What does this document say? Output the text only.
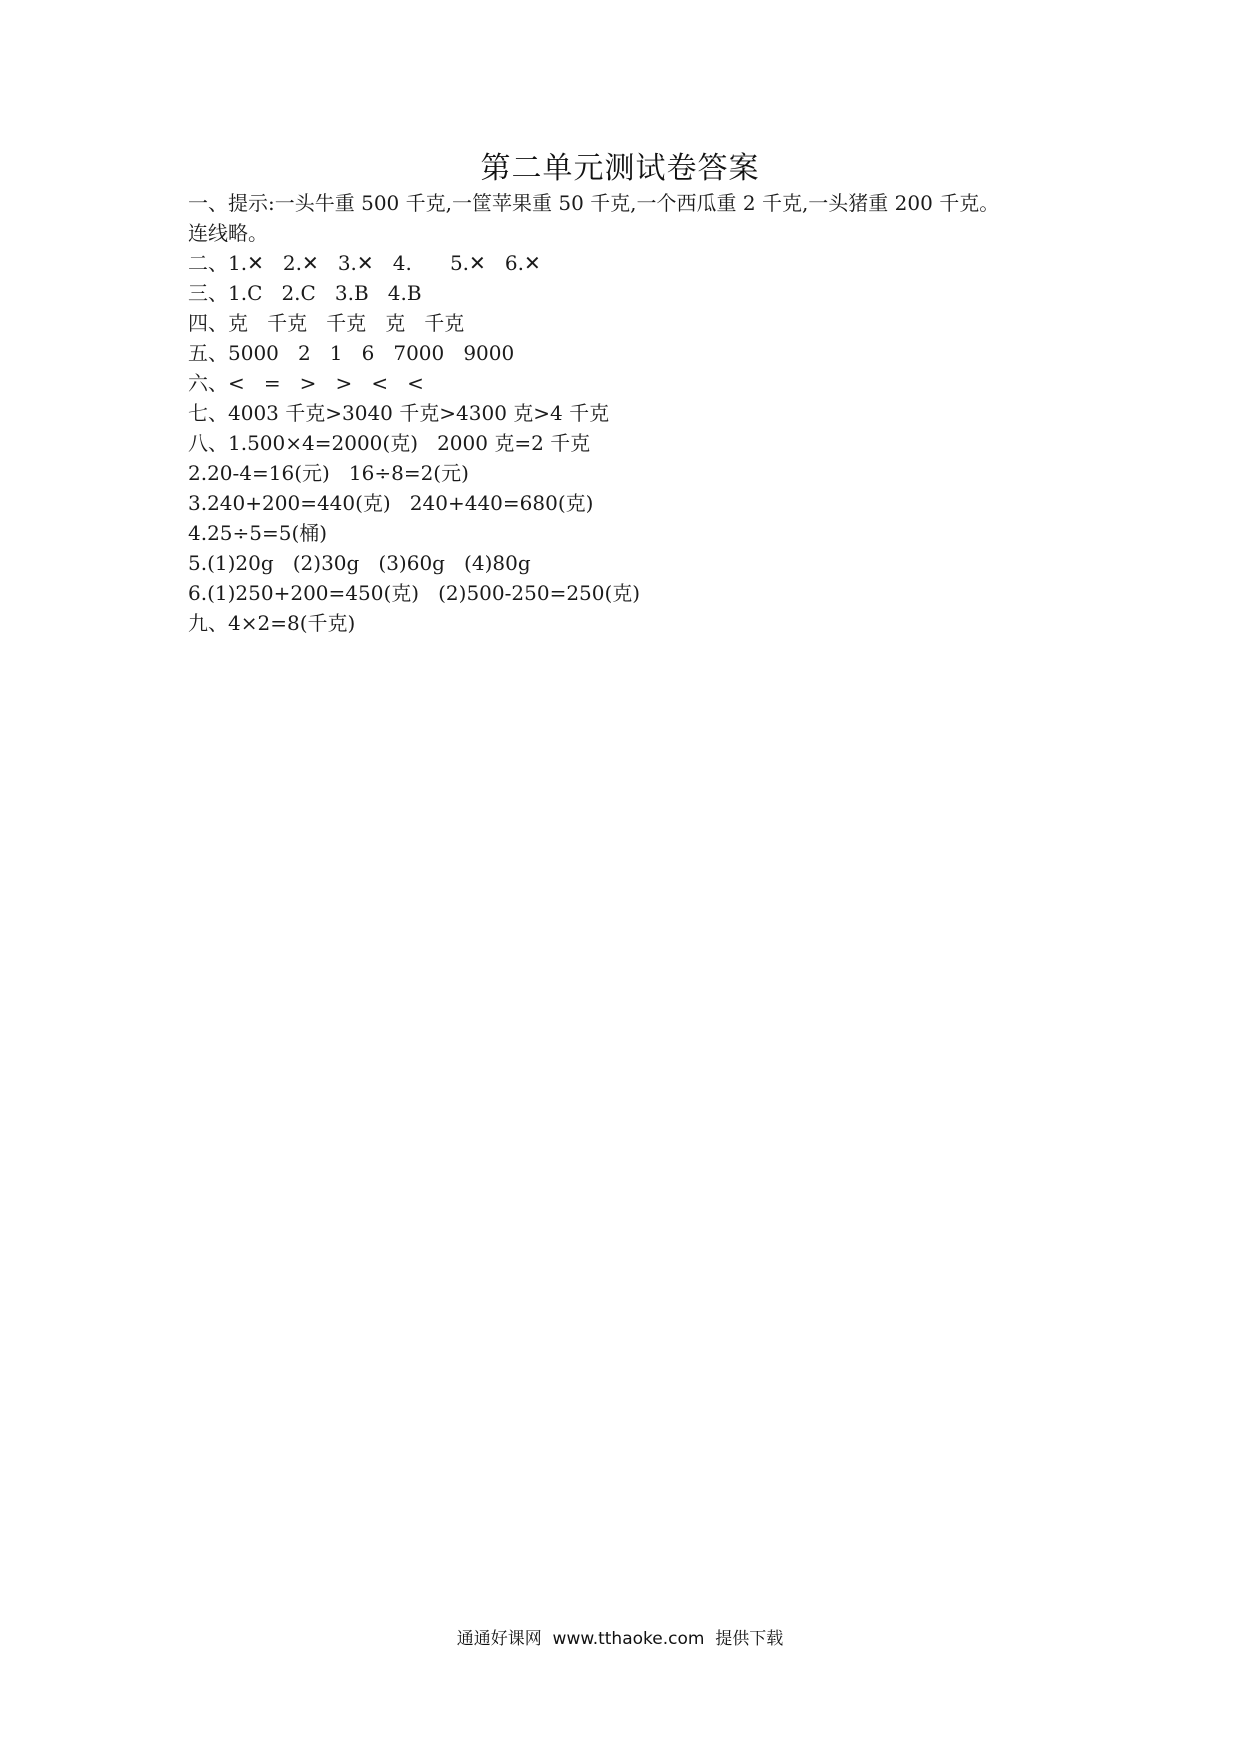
第二单元测试卷答案
一、提示:一头牛重 500 千克,一筐苹果重 50 千克,一个西瓜重 2 千克,一头猪重 200 千克。
连线略。
二、1.✕   2.✕   3.✕   4.      5.✕   6.✕
三、1.C   2.C   3.B   4.B
四、克   千克   千克   克   千克
五、5000   2   1   6   7000   9000
六、<   =   >   >   <   <
七、4003 千克>3040 千克>4300 克>4 千克
八、1.500×4=2000(克)   2000 克=2 千克
2.20-4=16(元)   16÷8=2(元)
3.240+200=440(克)   240+440=680(克)
4.25÷5=5(桶)
5.(1)20g   (2)30g   (3)60g   (4)80g
6.(1)250+200=450(克)   (2)500-250=250(克)
九、4×2=8(千克)
通通好课网  www.tthaoke.com  提供下载
